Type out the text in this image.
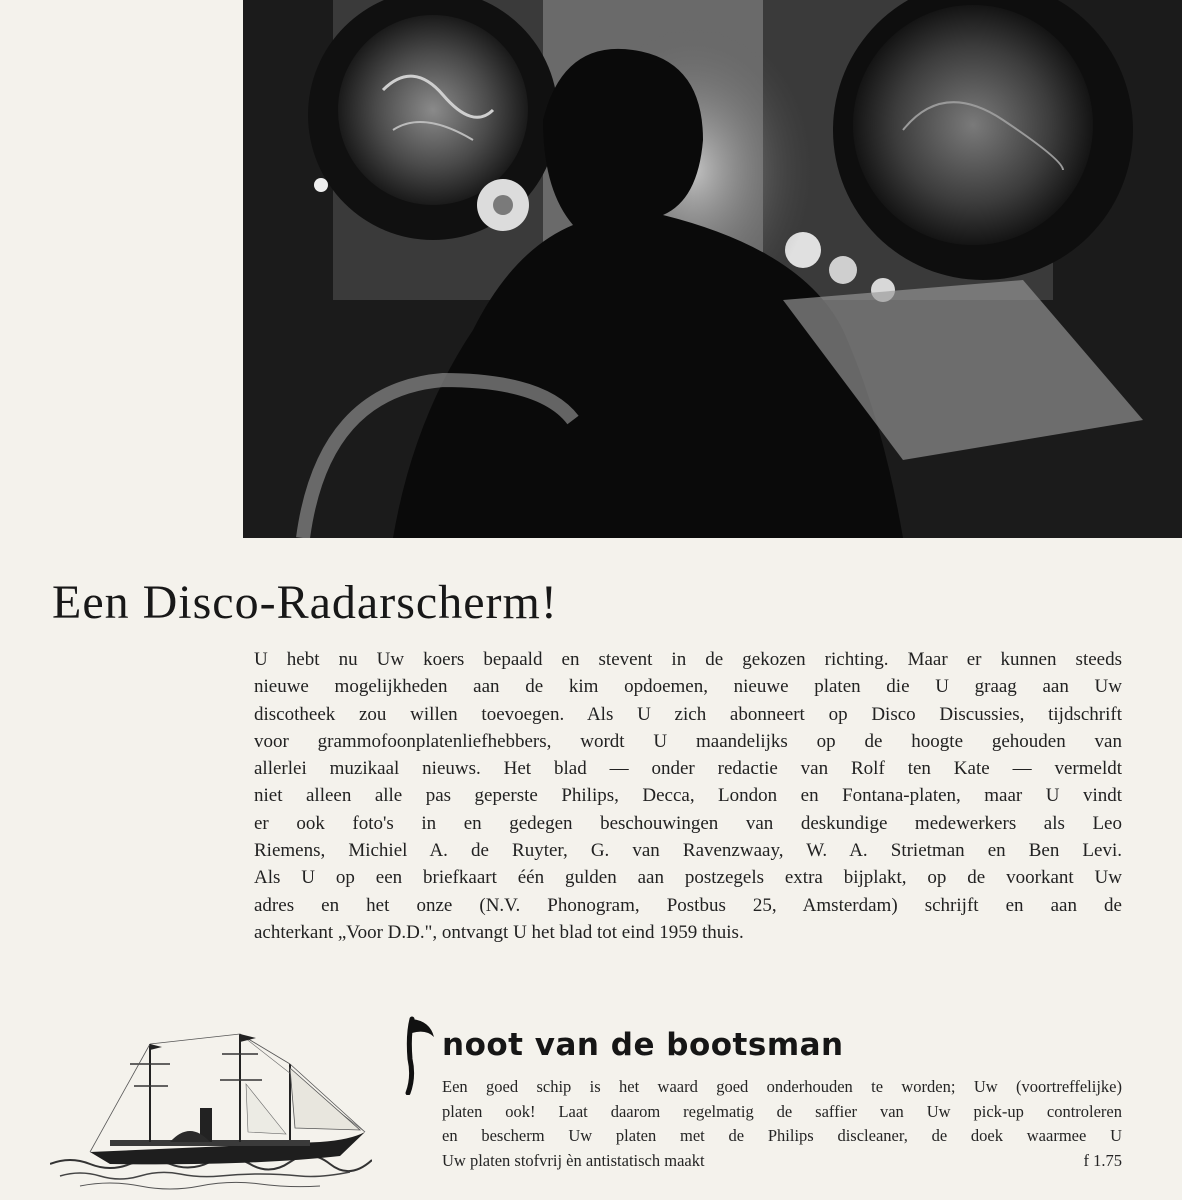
Een Disco-Radarscherm!
U hebt nu Uw koers bepaald en stevent in de gekozen richting. Maar er kunnen steeds
nieuwe mogelijkheden aan de kim opdoemen, nieuwe platen die U graag aan Uw
discotheek zou willen toevoegen. Als U zich abonneert op Disco Discussies, tijdschrift
voor grammofoonplatenliefhebbers, wordt U maandelijks op de hoogte gehouden van
allerlei muzikaal nieuws. Het blad — onder redactie van Rolf ten Kate — vermeldt
niet alleen alle pas geperste Philips, Decca, London en Fontana-platen, maar U vindt
er ook foto's in en gedegen beschouwingen van deskundige medewerkers als Leo
Riemens, Michiel A. de Ruyter, G. van Ravenzwaay, W. A. Strietman en Ben Levi.
Als U op een briefkaart één gulden aan postzegels extra bijplakt, op de voorkant Uw
adres en het onze (N.V. Phonogram, Postbus 25, Amsterdam) schrijft en aan de
achterkant „Voor D.D.", ontvangt U het blad tot eind 1959 thuis.
noot van de bootsman
Een goed schip is het waard goed onderhouden te worden; Uw (voortreffelijke)
platen ook! Laat daarom regelmatig de saffier van Uw pick-up controleren
en bescherm Uw platen met de Philips discleaner, de doek waarmee U
Uw platen stofvrij èn antistatisch maakt	f 1.75
